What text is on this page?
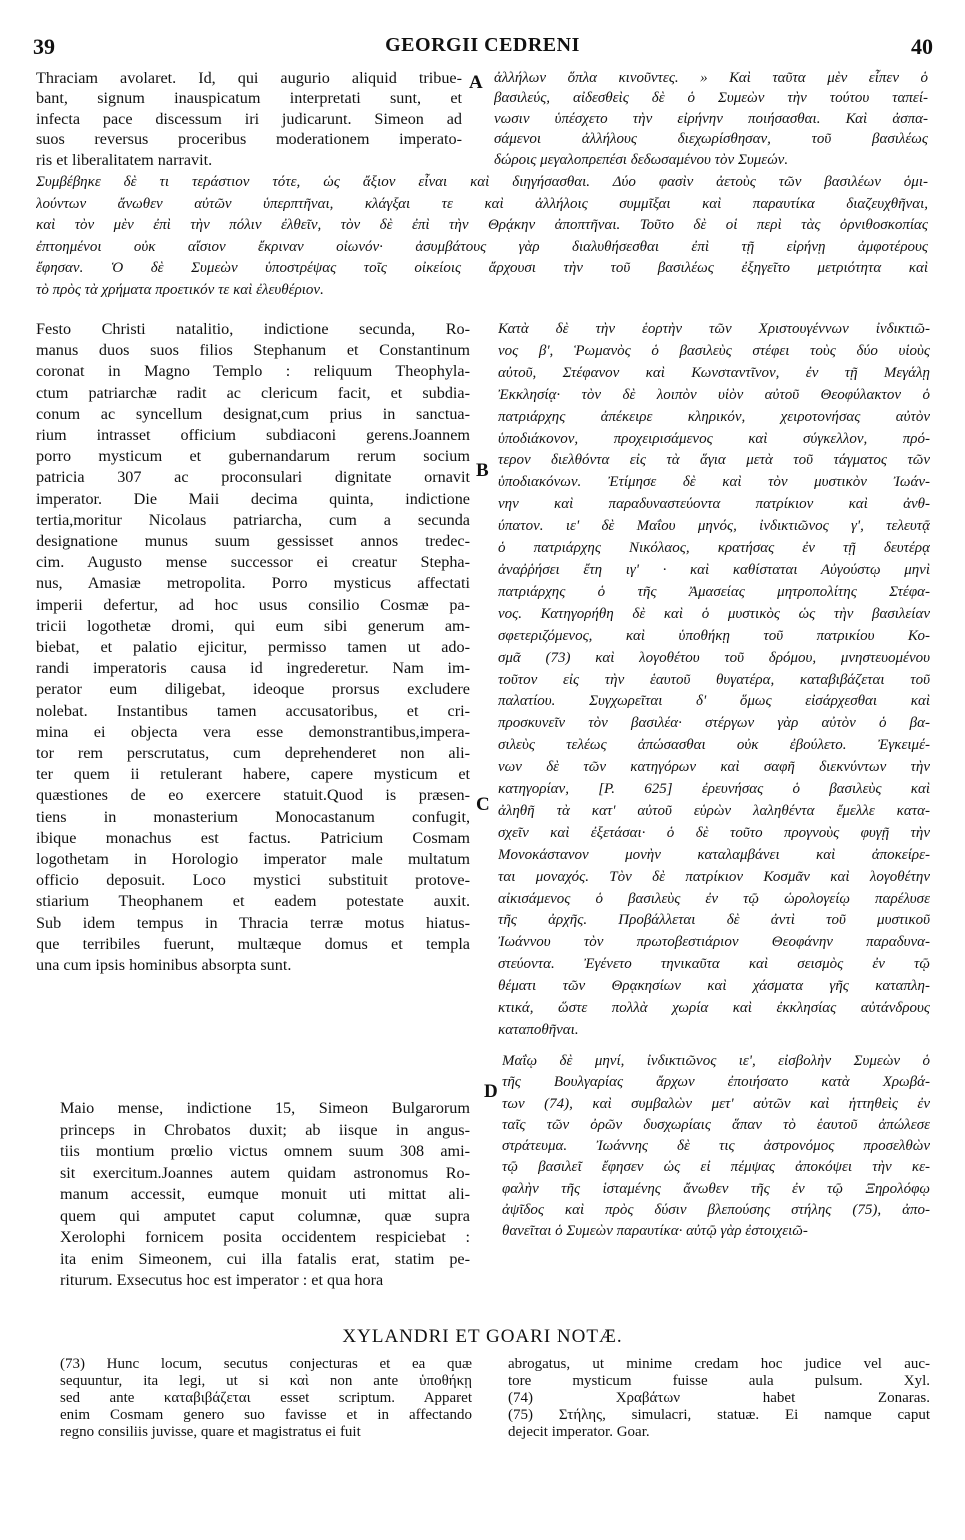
39	GEORGII CEDRENI	40
A
B
C
D
Thraciam avolaret. Id, qui augurio aliquid tribue-
bant, signum inauspicatum interpretati sunt, et
infecta pace discessum iri judicarunt. Simeon ad
suos reversus proceribus moderationem imperato-
ris et liberalitatem narravit.
ἀλλήλων ὅπλα κινοῦντες. » Καὶ ταῦτα μὲν εἶπεν ὁ
βασιλεύς, αἰδεσθεὶς δὲ ὁ Συμεὼν τὴν τούτου ταπεί-
νωσιν ὑπέσχετο τὴν εἰρήνην ποιήσασθαι. Καὶ ἀσπα-
σάμενοι ἀλλήλους διεχωρίσθησαν, τοῦ βασιλέως
δώροις μεγαλοπρεπέσι δεδωσαμένου τὸν Συμεών.
Συμβέβηκε δὲ τι τεράστιον τότε, ὡς ἄξιον εἶναι καὶ διηγήσασθαι. Δύο φασὶν ἀετοὺς τῶν βασιλέων ὁμι-
λούντων ἄνωθεν αὐτῶν ὑπερπτῆναι, κλάγξαι τε καὶ ἀλλήλοις συμμῖξαι καὶ παραυτίκα διαζευχθῆναι,
καὶ τὸν μὲν ἐπὶ τὴν πόλιν ἐλθεῖν, τὸν δὲ ἐπὶ τὴν Θρᾴκην ἀποπτῆναι. Τοῦτο δὲ οἱ περὶ τὰς ὀρνιθοσκοπίας
ἐπτοημένοι οὐκ αἴσιον ἔκριναν οἰωνόν· ἀσυμβάτους γὰρ διαλυθήσεσθαι ἐπὶ τῇ εἰρήνῃ ἀμφοτέρους
ἔφησαν. Ὁ δὲ Συμεὼν ὑποστρέψας τοῖς οἰκείοις ἄρχουσι τὴν τοῦ βασιλέως ἐξηγεῖτο μετριότητα καὶ
τὸ πρὸς τὰ χρήματα προετικόν τε καὶ ἐλευθέριον.
Festo Christi natalitio, indictione secunda, Ro-
manus duos suos filios Stephanum et Constantinum
coronat in Magno Templo : reliquum Theophyla-
ctum patriarchæ radit ac clericum facit, et subdia-
conum ac syncellum designat,cum prius in sanctua-
rium intrasset officium subdiaconi gerens.Joannem
porro mysticum et gubernandarum rerum socium
patricia 307 ac proconsulari dignitate ornavit
imperator. Die Maii decima quinta, indictione
tertia,moritur Nicolaus patriarcha, cum a secunda
designatione munus suum gessisset annos tredec-
cim. Augusto mense successor ei creatur Stepha-
nus, Amasiæ metropolita. Porro mysticus affectati
imperii defertur, ad hoc usus consilio Cosmæ pa-
tricii logothetæ dromi, qui eum sibi generum am-
biebat, et palatio ejicitur, permisso tamen ut ado-
randi imperatoris causa id ingrederetur. Nam im-
perator eum diligebat, ideoque prorsus excludere
nolebat. Instantibus tamen accusatoribus, et cri-
mina ei objecta vera esse demonstrantibus,impera-
tor rem perscrutatus, cum deprehenderet non ali-
ter quem ii retulerant habere, capere mysticum et
quæstiones de eo exercere statuit.Quod is præsen-
tiens in monasterium Monocastanum confugit,
ibique monachus est factus. Patricium Cosmam
logothetam in Horologio imperator male multatum
officio deposuit. Loco mystici substituit protove-
stiarium Theophanem et eadem potestate auxit.
Sub idem tempus in Thracia terræ motus hiatus-
que terribiles fuerunt, multæque domus et templa
una cum ipsis hominibus absorpta sunt.
Κατὰ δὲ τὴν ἑορτὴν τῶν Χριστουγέννων ἰνδικτιῶ-
νος β', Ῥωμανὸς ὁ βασιλεὺς στέφει τοὺς δύο υἱοὺς
αὐτοῦ, Στέφανον καὶ Κωνσταντῖνον, ἐν τῇ Μεγάλῃ
Ἐκκλησίᾳ· τὸν δὲ λοιπὸν υἱὸν αὐτοῦ Θεοφύλακτον ὁ
πατριάρχης ἀπέκειρε κληρικόν, χειροτονήσας αὐτὸν
ὑποδιάκονον, προχειρισάμενος καὶ σύγκελλον, πρό-
τερον διελθόντα εἰς τὰ ἅγια μετὰ τοῦ τάγματος τῶν
ὑποδιακόνων. Ἐτίμησε δὲ καὶ τὸν μυστικὸν Ἰωάν-
νην καὶ παραδυναστεύοντα πατρίκιον καὶ ἀνθ-
ύπατον. ιε' δὲ Μαΐου μηνός, ἰνδικτιῶνος γ', τελευτᾷ
ὁ πατριάρχης Νικόλαος, κρατήσας ἐν τῇ δευτέρᾳ
ἀναῤῥήσει ἔτη ιγ' · καὶ καθίσταται Αὐγούστῳ μηνὶ
πατριάρχης ὁ τῆς Ἀμασείας μητροπολίτης Στέφα-
νος. Κατηγορήθη δὲ καὶ ὁ μυστικὸς ὡς τὴν βασιλείαν
σφετεριζόμενος, καὶ ὑποθήκῃ τοῦ πατρικίου Κο-
σμᾶ (73) καὶ λογοθέτου τοῦ δρόμου, μνηστευομένου
τοῦτον εἰς τὴν ἑαυτοῦ θυγατέρα, καταβιβάζεται τοῦ
παλατίου. Συγχωρεῖται δ' ὅμως εἰσάρχεσθαι καὶ
προσκυνεῖν τὸν βασιλέα· στέργων γὰρ αὐτὸν ὁ βα-
σιλεὺς τελέως ἀπώσασθαι οὐκ ἐβούλετο. Ἐγκειμέ-
νων δὲ τῶν κατηγόρων καὶ σαφῆ διεκνύντων τὴν
κατηγορίαν, [P. 625] ἐρευνήσας ὁ βασιλεὺς καὶ
ἀληθῆ τὰ κατ' αὐτοῦ εὑρὼν λαληθέντα ἔμελλε κατα-
σχεῖν καὶ ἐξετάσαι· ὁ δὲ τοῦτο προγνοὺς φυγῇ τὴν
Μονοκάστανον μονὴν καταλαμβάνει καὶ ἀποκείρε-
ται μοναχός. Τὸν δὲ πατρίκιον Κοσμᾶν καὶ λογοθέτην
αἰκισάμενος ὁ βασιλεὺς ἐν τῷ ὡρολογείῳ παρέλυσε
τῆς ἀρχῆς. Προβάλλεται δὲ ἀντὶ τοῦ μυστικοῦ
Ἰωάννου τὸν πρωτοβεστιάριον Θεοφάνην παραδυνα-
στεύοντα. Ἐγένετο τηνικαῦτα καὶ σεισμὸς ἐν τῷ
θέματι τῶν Θρᾳκησίων καὶ χάσματα γῆς καταπλη-
κτικά, ὥστε πολλὰ χωρία καὶ ἐκκλησίας αὐτάνδρους
καταποθῆναι.
Maio mense, indictione 15, Simeon Bulgarorum
princeps in Chrobatos duxit; ab iisque in angus-
tiis montium prœlio victus omnem suum 308 ami-
sit exercitum.Joannes autem quidam astronomus Ro-
manum accessit, eumque monuit uti mittat ali-
quem qui amputet caput columnæ, quæ supra
Xerolophi fornicem posita occidentem respiciebat :
ita enim Simeonem, cui illa fatalis erat, statim pe-
riturum. Exsecutus hoc est imperator : et qua hora
Μαΐῳ δὲ μηνί, ἰνδικτιῶνος ιε', εἰσβολὴν Συμεὼν ὁ
τῆς Βουλγαρίας ἄρχων ἐποιήσατο κατὰ Χρωβά-
των (74), καὶ συμβαλὼν μετ' αὐτῶν καὶ ἡττηθεὶς ἐν
ταῖς τῶν ὀρῶν δυσχωρίαις ἅπαν τὸ ἑαυτοῦ ἀπώλεσε
στράτευμα. Ἰωάννης δὲ τις ἀστρονόμος προσελθὼν
τῷ βασιλεῖ ἔφησεν ὡς εἰ πέμψας ἀποκόψει τὴν κε-
φαλὴν τῆς ἱσταμένης ἄνωθεν τῆς ἐν τῷ Ξηρολόφῳ
ἀψῖδος καὶ πρὸς δύσιν βλεπούσης στήλης (75), ἀπο-
θανεῖται ὁ Συμεὼν παραυτίκα· αὐτῷ γὰρ ἐστοιχειῶ-
XYLANDRI ET GOARI NOTÆ.
(73) Hunc locum, secutus conjecturas et ea quæ
sequuntur, ita legi, ut si καὶ non ante ὑποθήκῃ
sed ante καταβιβάζεται esset scriptum. Apparet
enim Cosmam genero suo favisse et in affectando
regno consiliis juvisse, quare et magistratus ei fuit
abrogatus, ut minime credam hoc judice vel auc-
tore mysticum fuisse aula pulsum. Xyl.
(74) Χραβάτων habet Zonaras.
(75) Στήλης, simulacri, statuæ. Ei namque caput
dejecit imperator. Goar.
